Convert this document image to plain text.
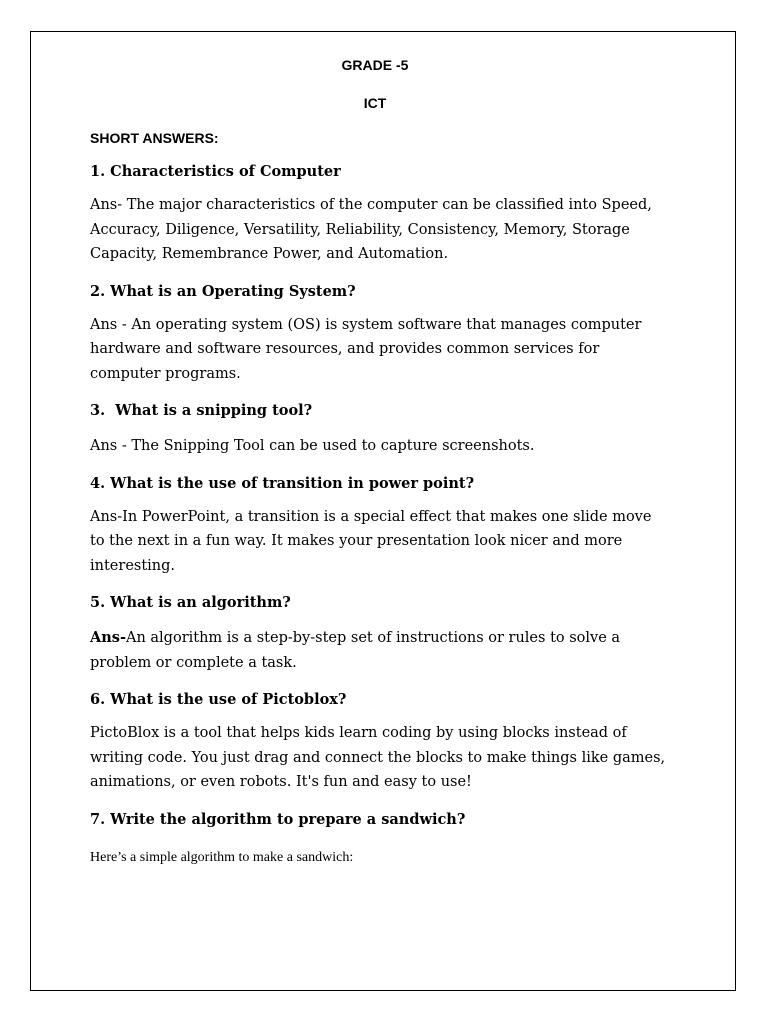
GRADE -5
ICT
SHORT ANSWERS:
1. Characteristics of Computer
Ans- The major characteristics of the computer can be classified into Speed,
Accuracy, Diligence, Versatility, Reliability, Consistency, Memory, Storage
Capacity, Remembrance Power, and Automation.
2. What is an Operating System?
Ans - An operating system (OS) is system software that manages computer
hardware and software resources, and provides common services for
computer programs.
3.  What is a snipping tool?
Ans - The Snipping Tool can be used to capture screenshots.
4. What is the use of transition in power point?
Ans-In PowerPoint, a transition is a special effect that makes one slide move
to the next in a fun way. It makes your presentation look nicer and more
interesting.
5. What is an algorithm?
Ans-An algorithm is a step-by-step set of instructions or rules to solve a
problem or complete a task.
6. What is the use of Pictoblox?
PictoBlox is a tool that helps kids learn coding by using blocks instead of
writing code. You just drag and connect the blocks to make things like games,
animations, or even robots. It's fun and easy to use!
7. Write the algorithm to prepare a sandwich?
Here’s a simple algorithm to make a sandwich:
